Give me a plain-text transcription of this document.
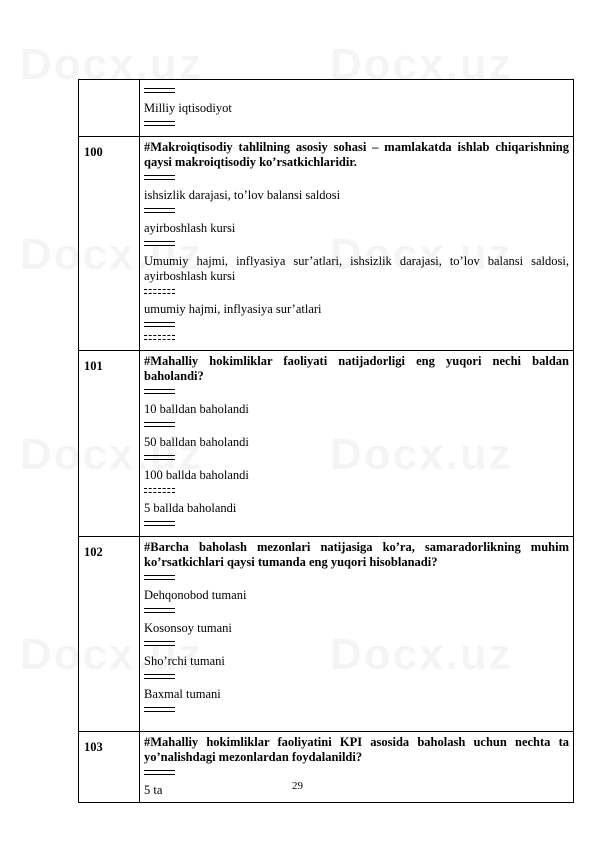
	Milliy iqtisodiyot

100	#Makroiqtisodiy tahlilning asosiy sohasi – mamlakatda ishlab chiqarishning qaysi makroiqtisodiy ko’rsatkichlaridir.
ishsizlik darajasi, to’lov balansi saldosi
ayirboshlash kursi
Umumiy hajmi, inflyasiya sur’atlari, ishsizlik darajasi, to’lov balansi saldosi, ayirboshlash kursi
umumiy hajmi, inflyasiya sur’atlari

101	#Mahalliy hokimliklar faoliyati natijadorligi eng yuqori nechi baldan baholandi?
10 balldan baholandi
50 balldan baholandi
100 ballda baholandi
5 ballda baholandi

102	#Barcha baholash mezonlari natijasiga ko’ra, samaradorlikning muhim ko’rsatkichlari qaysi tumanda eng yuqori hisoblanadi?
Dehqonobod tumani
Kosonsoy tumani
Sho’rchi tumani
Baxmal tumani

103	#Mahalliy hokimliklar faoliyatini KPI asosida baholash uchun nechta ta yo’nalishdagi mezonlardan foydalanildi?
5 ta	29
